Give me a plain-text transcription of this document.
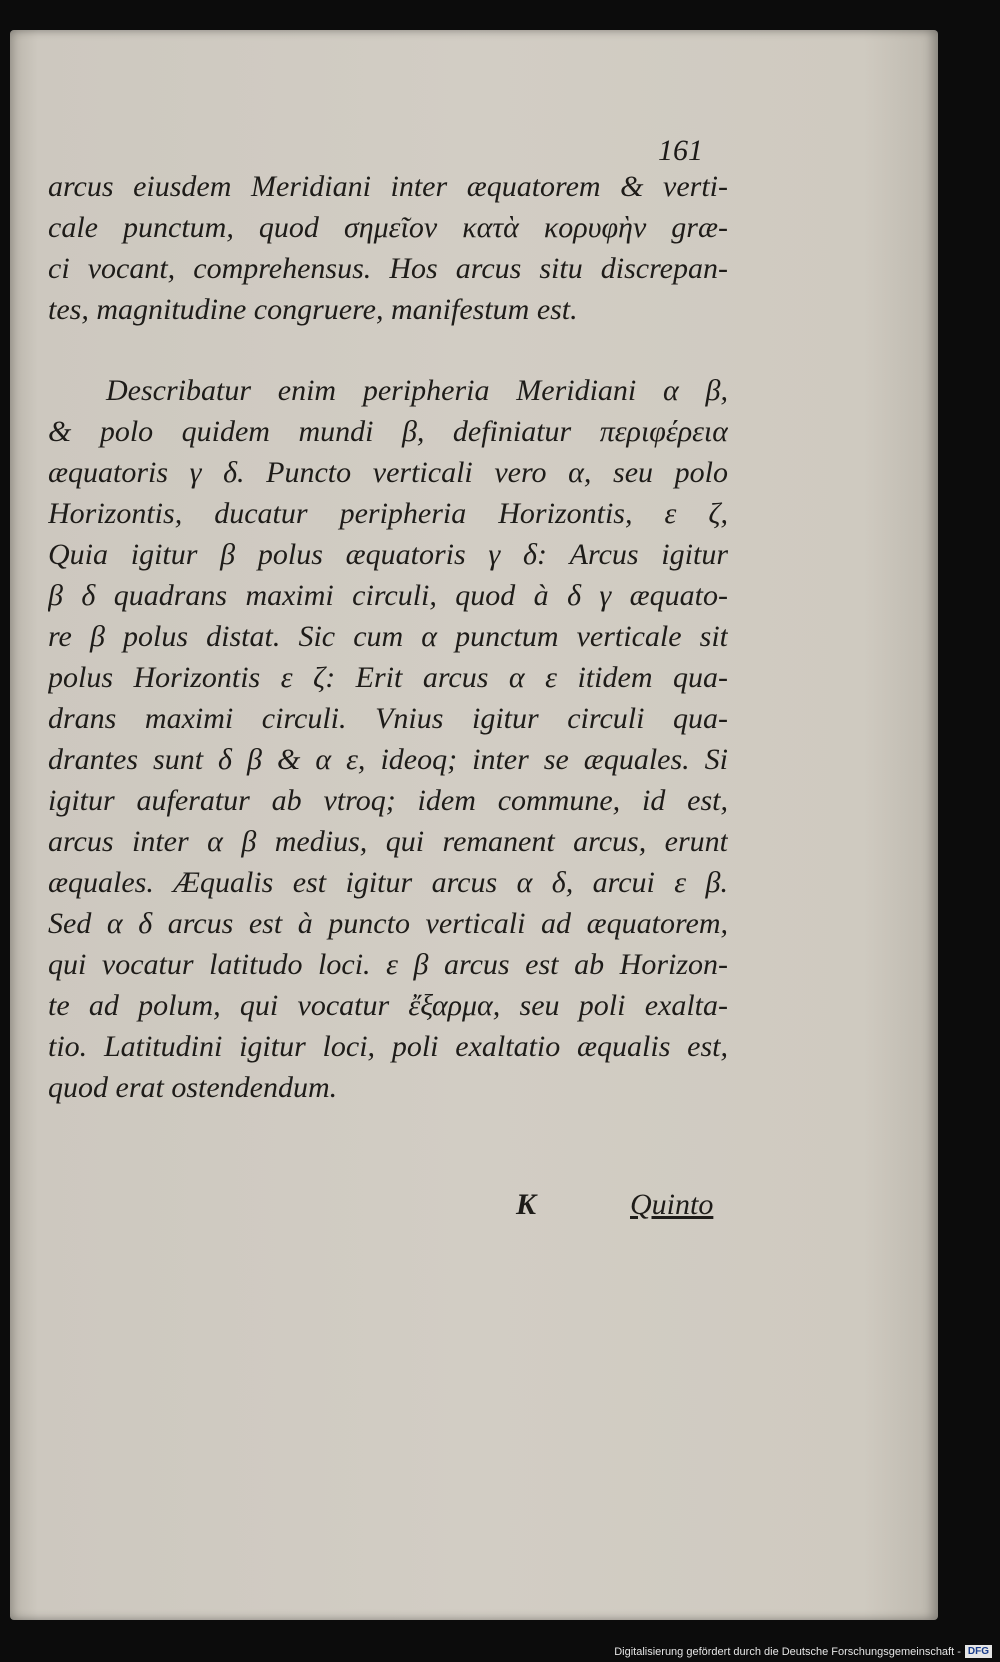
161
arcus eiusdem Meridiani inter æquatorem & verti-
cale punctum, quod σημεῖον κατὰ κορυφὴν græ-
ci vocant, comprehensus. Hos arcus situ discrepan-
tes, magnitudine congruere, manifestum est.
Describatur enim peripheria Meridiani α β,
& polo quidem mundi β, definiatur περιφέρεια
æquatoris γ δ. Puncto verticali vero α, seu polo
Horizontis, ducatur peripheria Horizontis, ε ζ,
Quia igitur β polus æquatoris γ δ: Arcus igitur
β δ quadrans maximi circuli, quod à δ γ æquato-
re β polus distat. Sic cum α punctum verticale sit
polus Horizontis ε ζ: Erit arcus α ε itidem qua-
drans maximi circuli. Vnius igitur circuli qua-
drantes sunt δ β & α ε, ideoq; inter se æquales. Si
igitur auferatur ab vtroq; idem commune, id est,
arcus inter α β medius, qui remanent arcus, erunt
æquales. Æqualis est igitur arcus α δ, arcui ε β.
Sed α δ arcus est à puncto verticali ad æquatorem,
qui vocatur latitudo loci. ε β arcus est ab Horizon-
te ad polum, qui vocatur ἔξαρμα, seu poli exalta-
tio. Latitudini igitur loci, poli exaltatio æqualis est,
quod erat ostendendum.
K	Quinto
Digitalisierung gefördert durch die Deutsche Forschungsgemeinschaft - DFG
